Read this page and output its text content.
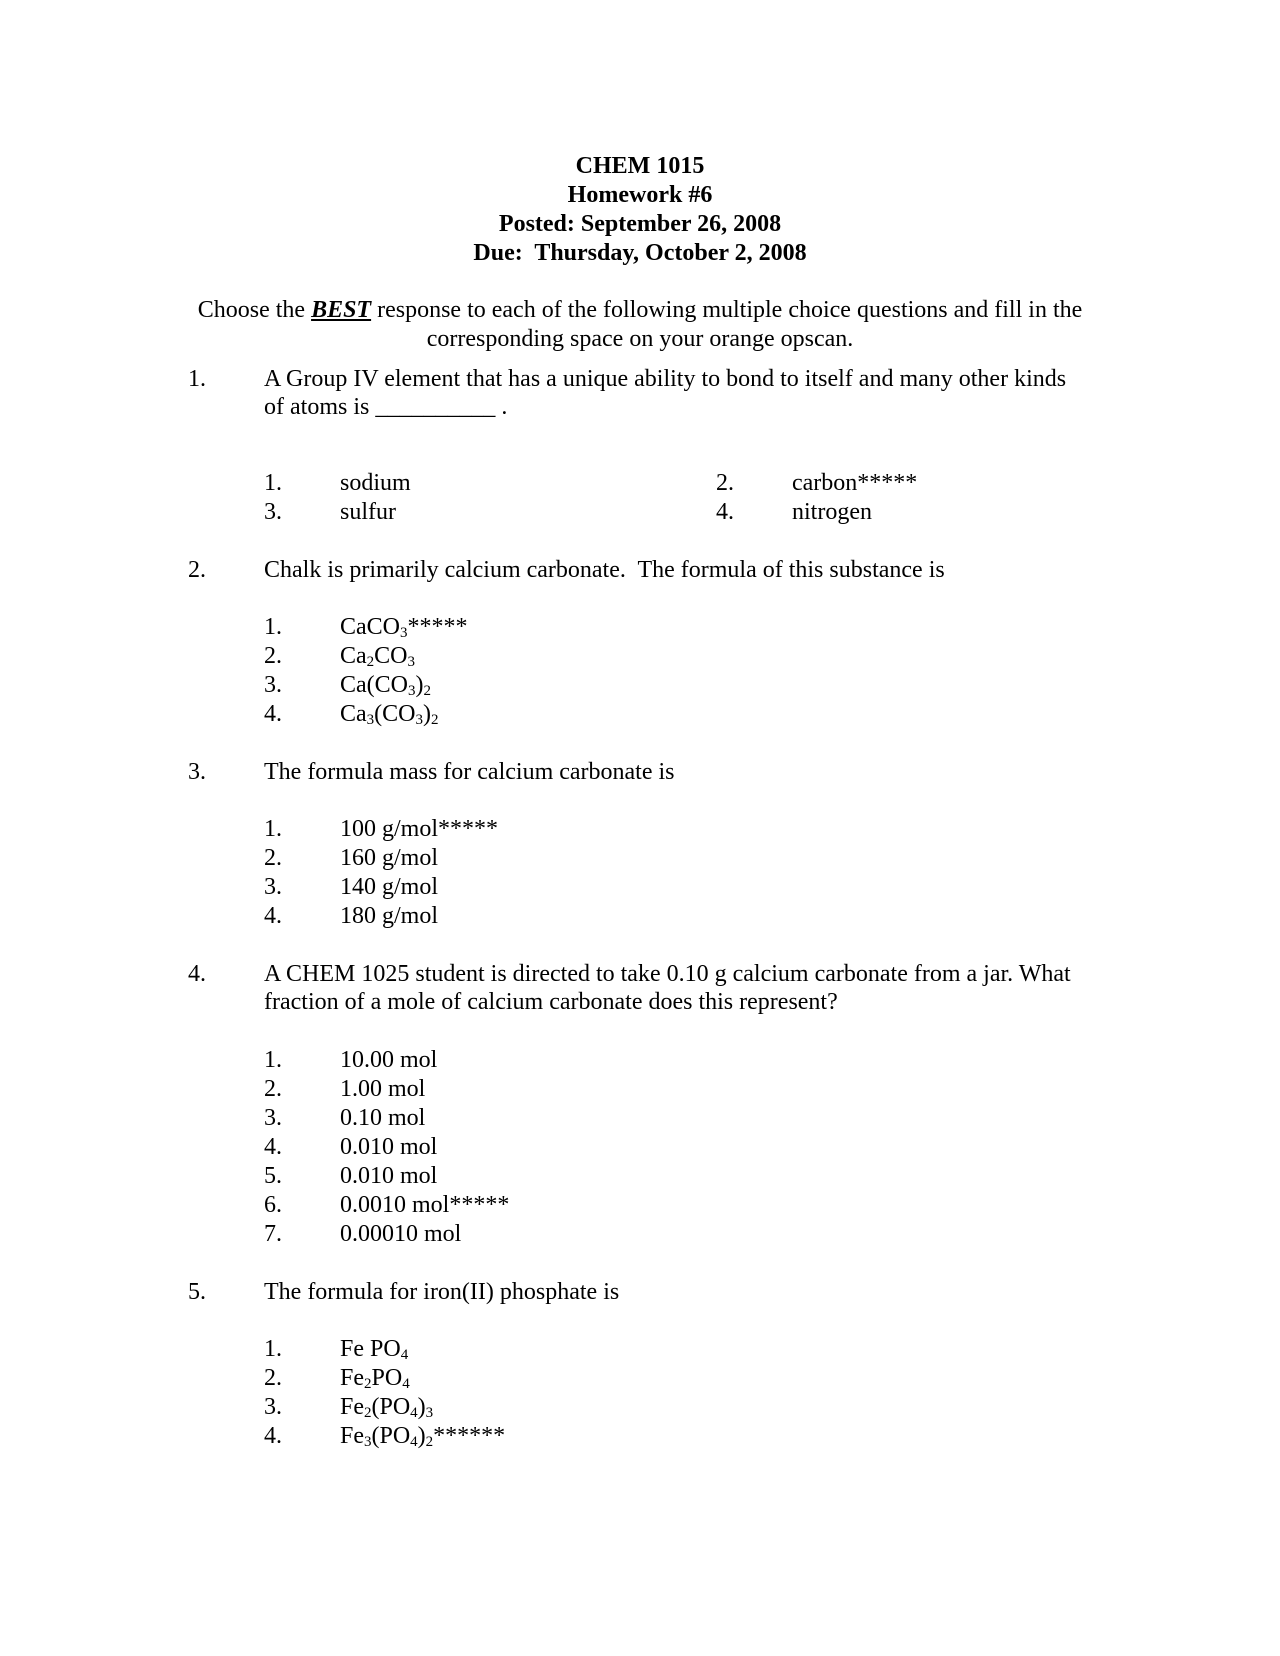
CHEM 1015
Homework #6
Posted: September 26, 2008
Due:  Thursday, October 2, 2008
Choose the BEST response to each of the following multiple choice questions and fill in the corresponding space on your orange opscan.
1. A Group IV element that has a unique ability to bond to itself and many other kinds of atoms is __________ .
1. sodium	2. carbon*****
3. sulfur	4. nitrogen
2. Chalk is primarily calcium carbonate.  The formula of this substance is
1. CaCO$_3$*****
2. $Ca_2CO_3$
3. $Ca(CO_3)_2$
4. $Ca_3(CO_3)_2$
3. The formula mass for calcium carbonate is
1. 100 g/mol*****
2. 160 g/mol
3. 140 g/mol
4. 180 g/mol
4. A CHEM 1025 student is directed to take 0.10 g calcium carbonate from a jar. What fraction of a mole of calcium carbonate does this represent?
1. 10.00 mol
2. 1.00 mol
3. 0.10 mol
4. 0.010 mol
5. 0.010 mol
6. 0.0010 mol*****
7. 0.00010 mol
5. The formula for iron(II) phosphate is
1. Fe $PO_4$
2. $Fe_2PO_4$
3. $Fe_2(PO_4)_3$
4. $Fe_3(PO_4)_2******$
